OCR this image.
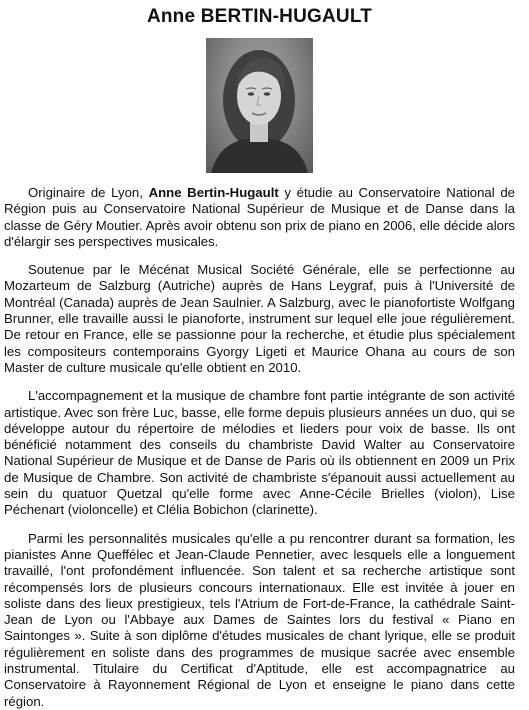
Anne BERTIN-HUGAULT

Originaire de Lyon, Anne Bertin-Hugault y étudie au Conservatoire National de Région puis au Conservatoire National Supérieur de Musique et de Danse dans la classe de Géry Moutier. Après avoir obtenu son prix de piano en 2006, elle décide alors d'élargir ses perspectives musicales.

Soutenue par le Mécénat Musical Société Générale, elle se perfectionne au Mozarteum de Salzburg (Autriche) auprès de Hans Leygraf, puis à l'Université de Montréal (Canada) auprès de Jean Saulnier. A Salzburg, avec le pianofortiste Wolfgang Brunner, elle travaille aussi le pianoforte, instrument sur lequel elle joue régulièrement. De retour en France, elle se passionne pour la recherche, et étudie plus spécialement les compositeurs contemporains Gyorgy Ligeti et Maurice Ohana au cours de son Master de culture musicale qu'elle obtient en 2010.

L'accompagnement et la musique de chambre font partie intégrante de son activité artistique. Avec son frère Luc, basse, elle forme depuis plusieurs années un duo, qui se développe autour du répertoire de mélodies et lieders pour voix de basse. Ils ont bénéficié notamment des conseils du chambriste David Walter au Conservatoire National Supérieur de Musique et de Danse de Paris où ils obtiennent en 2009 un Prix de Musique de Chambre. Son activité de chambriste s'épanouit aussi actuellement au sein du quatuor Quetzal qu'elle forme avec Anne-Cécile Brielles (violon), Lise Péchenart (violoncelle) et Clélia Bobichon (clarinette).

Parmi les personnalités musicales qu'elle a pu rencontrer durant sa formation, les pianistes Anne Queffélec et Jean-Claude Pennetier, avec lesquels elle a longuement travaillé, l'ont profondément influencée. Son talent et sa recherche artistique sont récompensés lors de plusieurs concours internationaux. Elle est invitée à jouer en soliste dans des lieux prestigieux, tels l'Atrium de Fort-de-France, la cathédrale Saint-Jean de Lyon ou l'Abbaye aux Dames de Saintes lors du festival « Piano en Saintonges ». Suite à son diplôme d'études musicales de chant lyrique, elle se produit régulièrement en soliste dans des programmes de musique sacrée avec ensemble instrumental. Titulaire du Certificat d'Aptitude, elle est accompagnatrice au Conservatoire à Rayonnement Régional de Lyon et enseigne le piano dans cette région.
